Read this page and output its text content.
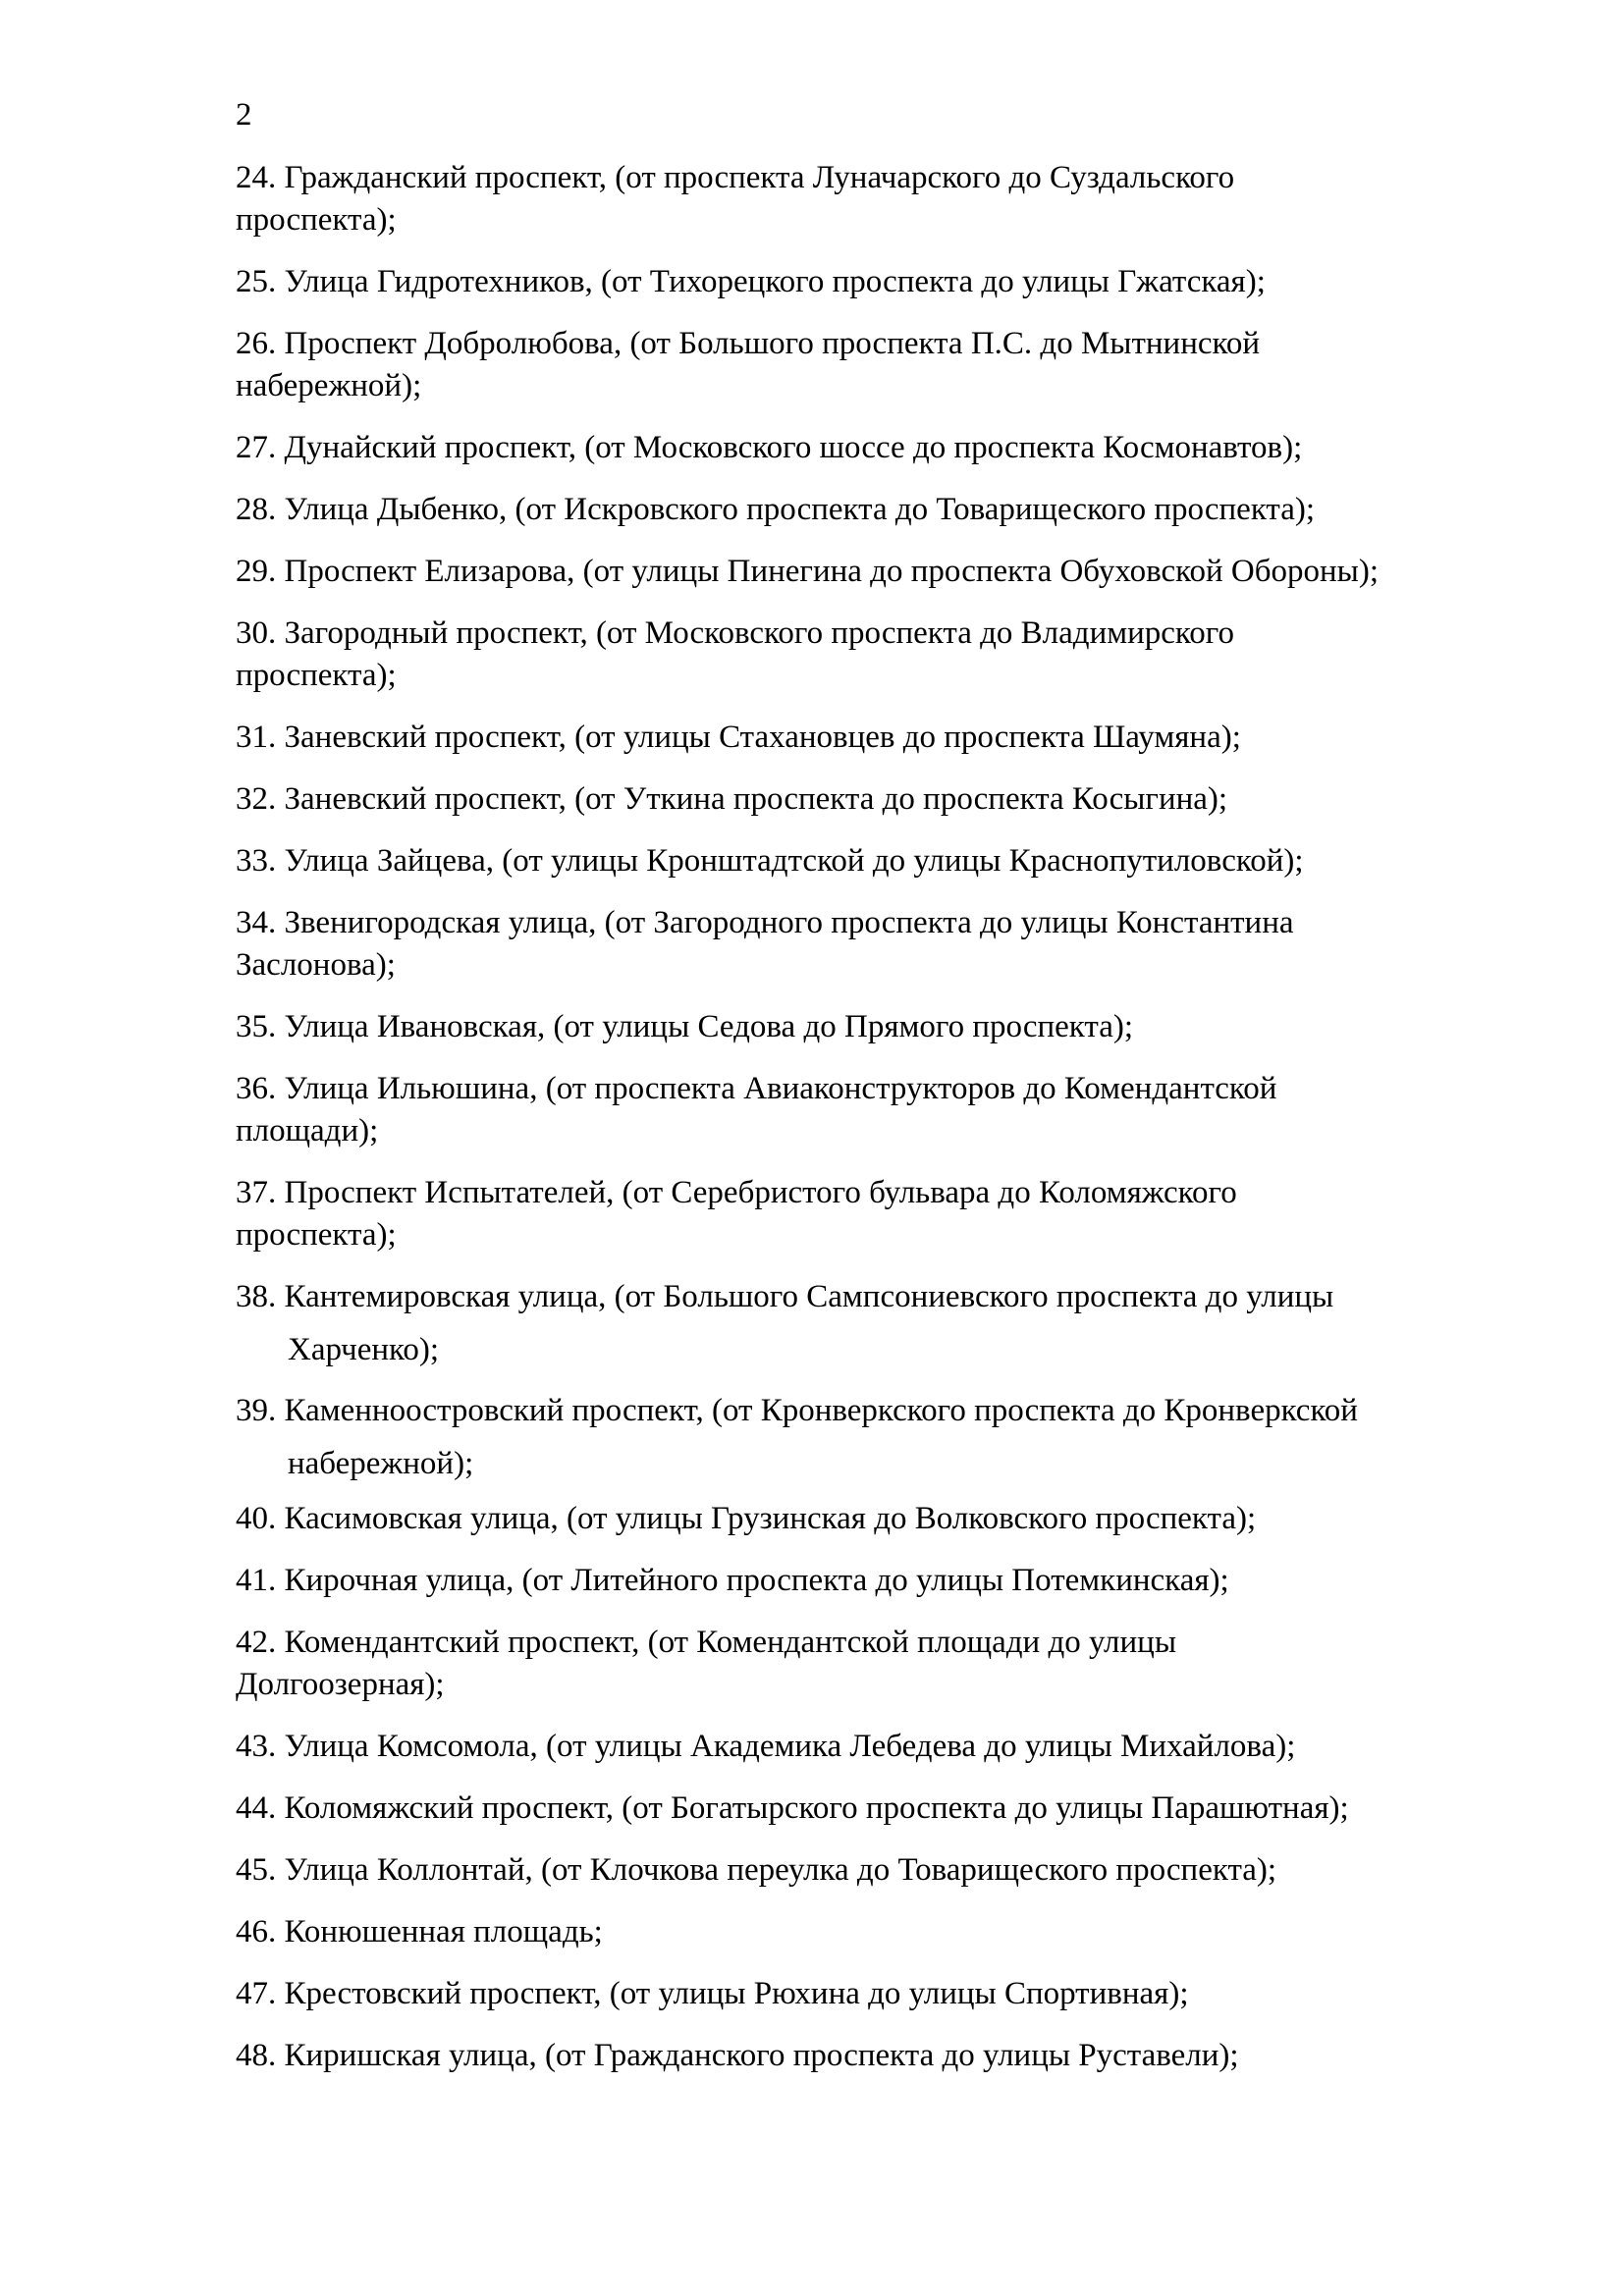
2

24. Гражданский проспект, (от проспекта Луначарского до Суздальского
проспекта);

25. Улица Гидротехников, (от Тихорецкого проспекта до улицы Гжатская);

26. Проспект Добролюбова, (от Большого проспекта П.С. до Мытнинской
набережной);

27. Дунайский проспект, (от Московского шоссе до проспекта Космонавтов);

28. Улица Дыбенко, (от Искровского проспекта до Товарищеского проспекта);

29. Проспект Елизарова, (от улицы Пинегина до проспекта Обуховской Обороны);

30. Загородный проспект, (от Московского проспекта до Владимирского
проспекта);

31. Заневский проспект, (от улицы Стахановцев до проспекта Шаумяна);

32. Заневский проспект, (от Уткина проспекта до проспекта Косыгина);

33. Улица Зайцева, (от улицы Кронштадтской до улицы Краснопутиловской);

34. Звенигородская улица, (от Загородного проспекта до улицы Константина
Заслонова);

35. Улица Ивановская, (от улицы Седова до Прямого проспекта);

36. Улица Ильюшина, (от проспекта Авиаконструкторов до Комендантской
площади);

37. Проспект Испытателей, (от Серебристого бульвара до Коломяжского
проспекта);

38. Кантемировская улица, (от Большого Сампсониевского проспекта до улицы

Харченко);

39. Каменноостровский проспект, (от Кронверкского проспекта до Кронверкской

набережной);

40. Касимовская улица, (от улицы Грузинская до Волковского проспекта);

41. Кирочная улица, (от Литейного проспекта до улицы Потемкинская);

42. Комендантский проспект, (от Комендантской площади до улицы
Долгоозерная);

43. Улица Комсомола, (от улицы Академика Лебедева до улицы Михайлова);

44. Коломяжский проспект, (от Богатырского проспекта до улицы Парашютная);

45. Улица Коллонтай, (от Клочкова переулка до Товарищеского проспекта);

46. Конюшенная площадь;

47. Крестовский проспект, (от улицы Рюхина до улицы Спортивная);

48. Киришская улица, (от Гражданского проспекта до улицы Руставели);
